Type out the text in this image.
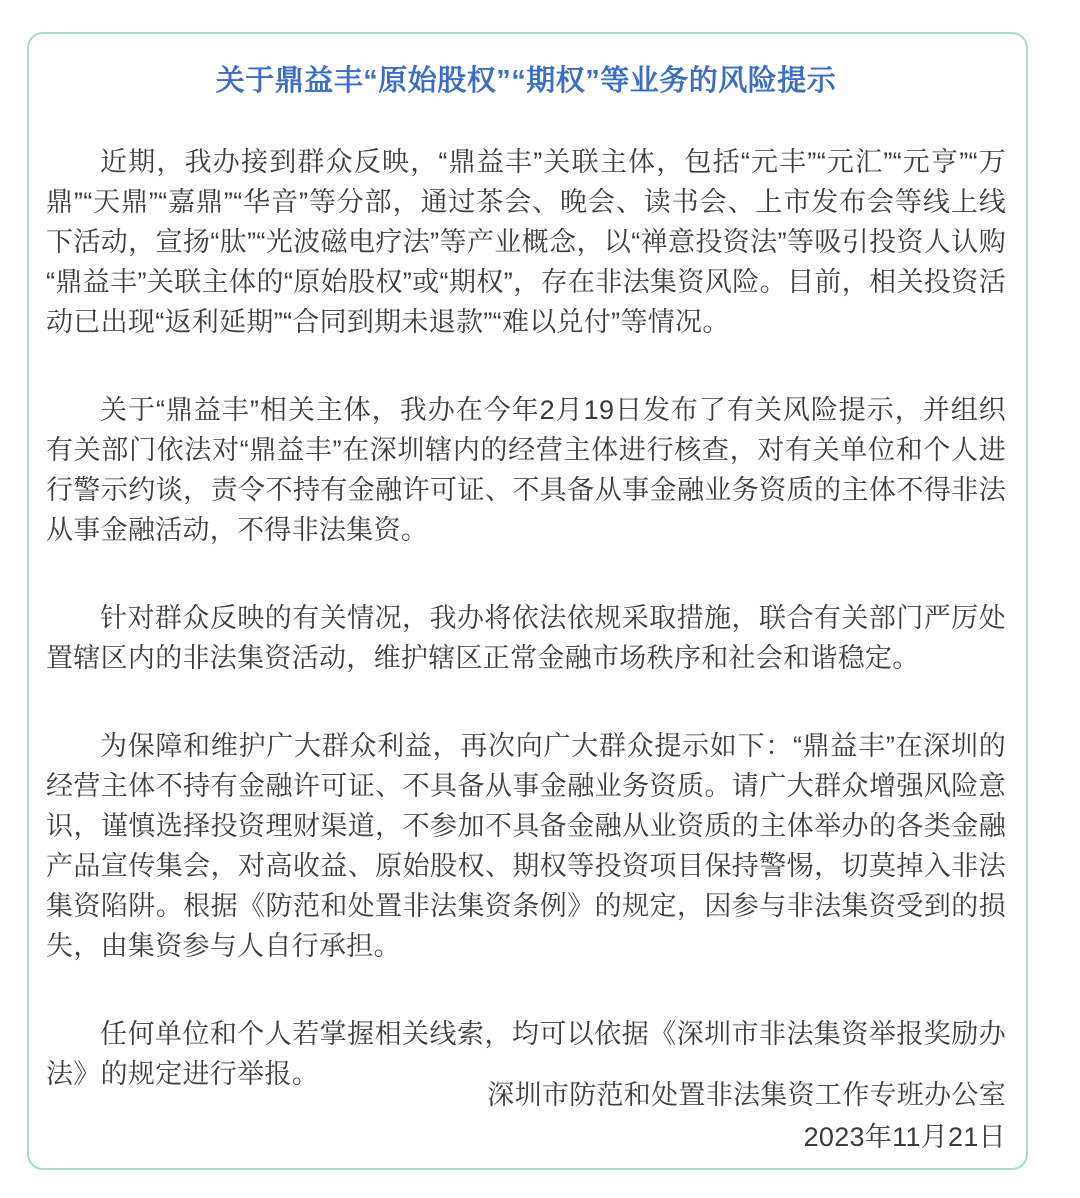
关于鼎益丰“原始股权”“期权”等业务的风险提示

近期，我办接到群众反映，“鼎益丰”关联主体，包括“元丰”“元汇”“元亨”“万鼎”“天鼎”“嘉鼎”“华音”等分部，通过茶会、晚会、读书会、上市发布会等线上线下活动，宣扬“肽”“光波磁电疗法”等产业概念，以“禅意投资法”等吸引投资人认购“鼎益丰”关联主体的“原始股权”或“期权”，存在非法集资风险。目前，相关投资活动已出现“返利延期”“合同到期未退款”“难以兑付”等情况。

关于“鼎益丰”相关主体，我办在今年2月19日发布了有关风险提示，并组织有关部门依法对“鼎益丰”在深圳辖内的经营主体进行核查，对有关单位和个人进行警示约谈，责令不持有金融许可证、不具备从事金融业务资质的主体不得非法从事金融活动，不得非法集资。

针对群众反映的有关情况，我办将依法依规采取措施，联合有关部门严厉处置辖区内的非法集资活动，维护辖区正常金融市场秩序和社会和谐稳定。

为保障和维护广大群众利益，再次向广大群众提示如下：“鼎益丰”在深圳的经营主体不持有金融许可证、不具备从事金融业务资质。请广大群众增强风险意识，谨慎选择投资理财渠道，不参加不具备金融从业资质的主体举办的各类金融产品宣传集会，对高收益、原始股权、期权等投资项目保持警惕，切莫掉入非法集资陷阱。根据《防范和处置非法集资条例》的规定，因参与非法集资受到的损失，由集资参与人自行承担。

任何单位和个人若掌握相关线索，均可以依据《深圳市非法集资举报奖励办法》的规定进行举报。

深圳市防范和处置非法集资工作专班办公室
2023年11月21日
